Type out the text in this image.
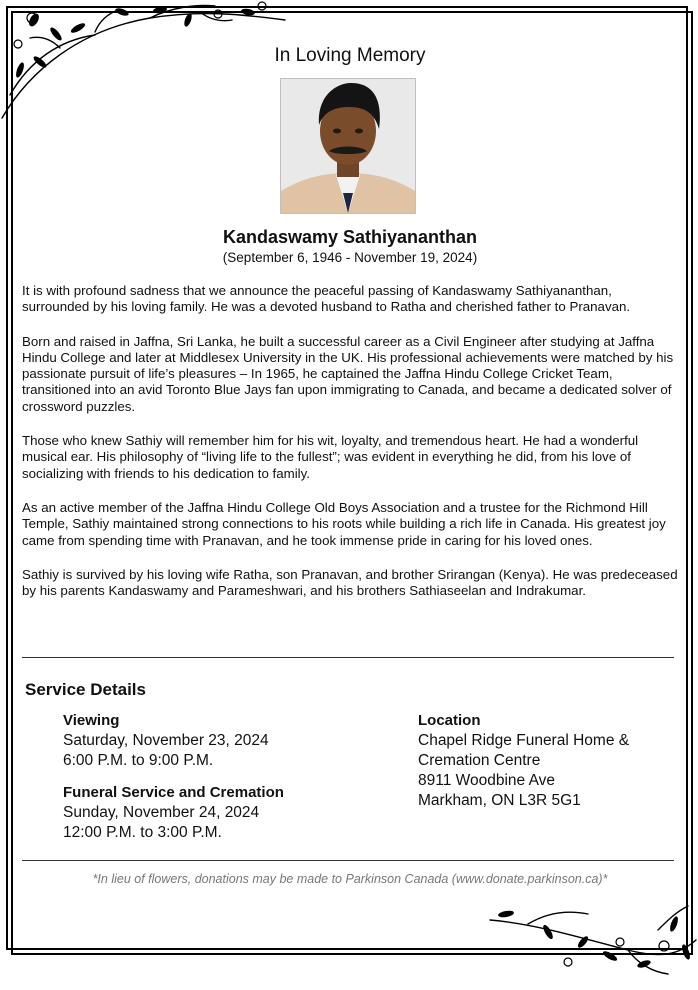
In Loving Memory
Kandaswamy Sathiyananthan
(September 6, 1946 - November 19, 2024)

It is with profound sadness that we announce the peaceful passing of Kandaswamy Sathiyananthan, surrounded by his loving family. He was a devoted husband to Ratha and cherished father to Pranavan.

Born and raised in Jaffna, Sri Lanka, he built a successful career as a Civil Engineer after studying at Jaffna Hindu College and later at Middlesex University in the UK. His professional achievements were matched by his passionate pursuit of life’s pleasures – In 1965, he captained the Jaffna Hindu College Cricket Team, transitioned into an avid Toronto Blue Jays fan upon immigrating to Canada, and became a dedicated solver of crossword puzzles.

Those who knew Sathiy will remember him for his wit, loyalty, and tremendous heart. He had a wonderful musical ear. His philosophy of “living life to the fullest”; was evident in everything he did, from his love of socializing with friends to his dedication to family.

As an active member of the Jaffna Hindu College Old Boys Association and a trustee for the Richmond Hill Temple, Sathiy maintained strong connections to his roots while building a rich life in Canada. His greatest joy came from spending time with Pranavan, and he took immense pride in caring for his loved ones.

Sathiy is survived by his loving wife Ratha, son Pranavan, and brother Srirangan (Kenya). He was predeceased by his parents Kandaswamy and Parameshwari, and his brothers Sathiaseelan and Indrakumar.

Service Details
Viewing
Saturday, November 23, 2024
6:00 P.M. to 9:00 P.M.
Funeral Service and Cremation
Sunday, November 24, 2024
12:00 P.M. to 3:00 P.M.
Location
Chapel Ridge Funeral Home &
Cremation Centre
8911 Woodbine Ave
Markham, ON L3R 5G1
*In lieu of flowers, donations may be made to Parkinson Canada (www.donate.parkinson.ca)*
